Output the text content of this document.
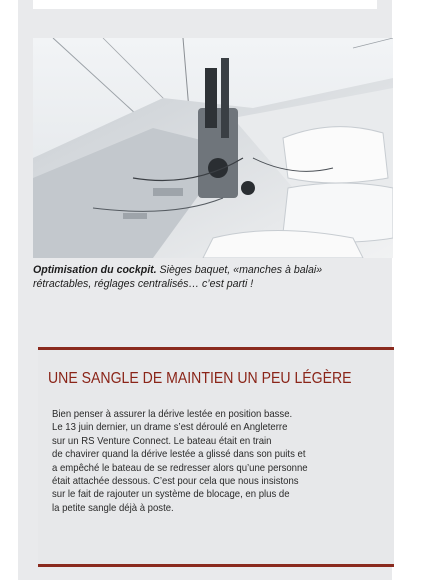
Optimisation du cockpit. Sièges baquet, «manches à balai»
rétractables, réglages centralisés… c’est parti !
UNE SANGLE DE MAINTIEN UN PEU LÉGÈRE
Bien penser à assurer la dérive lestée en position basse.
Le 13 juin dernier, un drame s’est déroulé en Angleterre
sur un RS Venture Connect. Le bateau était en train
de chavirer quand la dérive lestée a glissé dans son puits et
a empêché le bateau de se redresser alors qu’une personne
était attachée dessous. C’est pour cela que nous insistons
sur le fait de rajouter un système de blocage, en plus de
la petite sangle déjà à poste.
